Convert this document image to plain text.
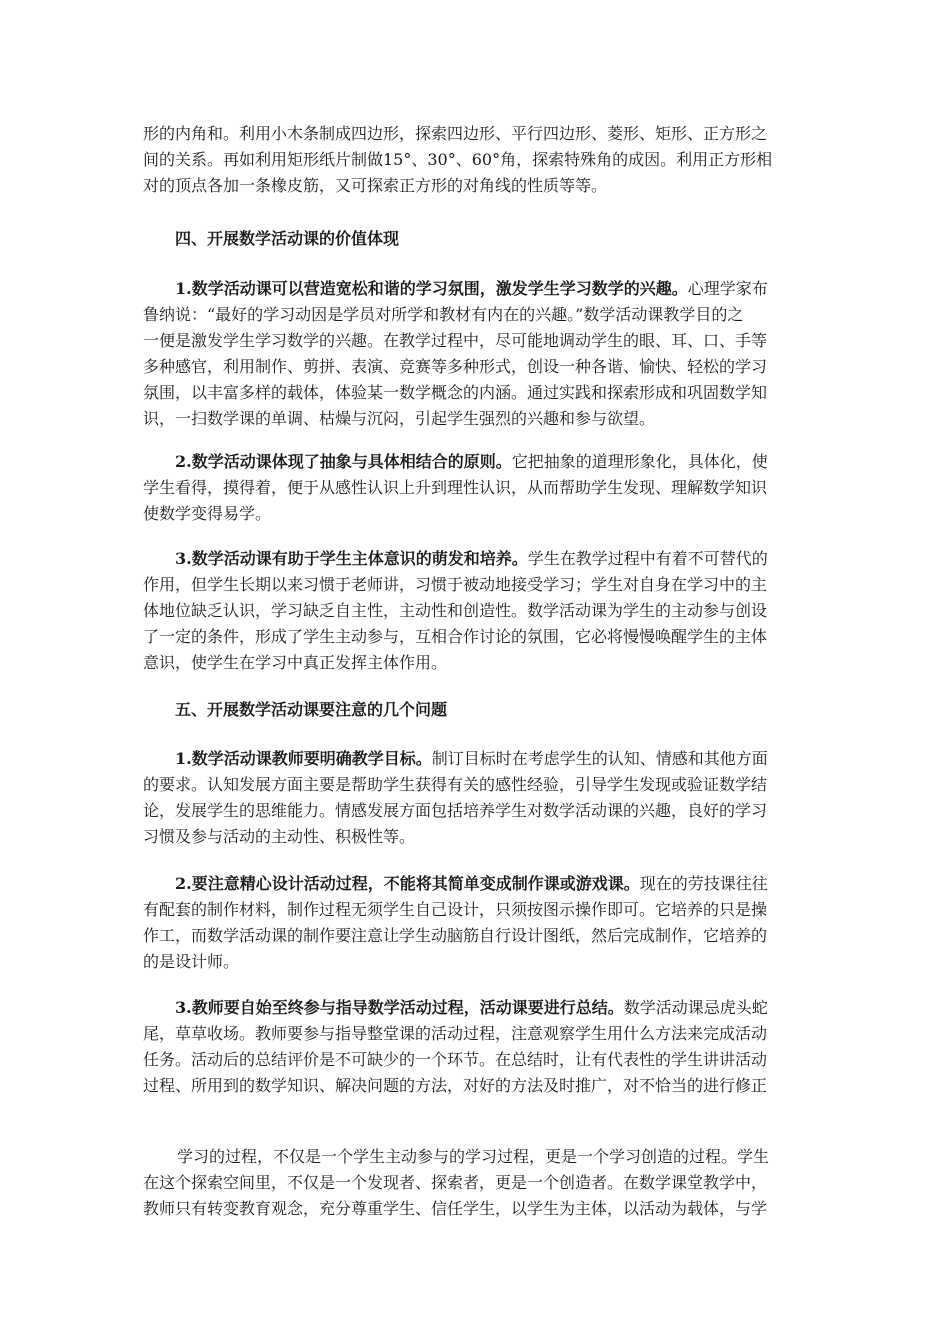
形的内角和。利用小木条制成四边形，探索四边形、平行四边形、菱形、矩形、正方形之
间的关系。再如利用矩形纸片制做15°、30°、60°角，探索特殊角的成因。利用正方形相
对的顶点各加一条橡皮筋，又可探索正方形的对角线的性质等等。
四、开展数学活动课的价值体现
1.数学活动课可以营造宽松和谐的学习氛围，激发学生学习数学的兴趣。心理学家布
鲁纳说：“最好的学习动因是学员对所学和教材有内在的兴趣。”数学活动课教学目的之
一便是激发学生学习数学的兴趣。在教学过程中，尽可能地调动学生的眼、耳、口、手等
多种感官，利用制作、剪拼、表演、竞赛等多种形式，创设一种各谐、愉快、轻松的学习
氛围，以丰富多样的载体，体验某一数学概念的内涵。通过实践和探索形成和巩固数学知
识，一扫数学课的单调、枯燥与沉闷，引起学生强烈的兴趣和参与欲望。
2.数学活动课体现了抽象与具体相结合的原则。它把抽象的道理形象化，具体化，使
学生看得，摸得着，便于从感性认识上升到理性认识，从而帮助学生发现、理解数学知识
使数学变得易学。
3.数学活动课有助于学生主体意识的萌发和培养。学生在教学过程中有着不可替代的
作用，但学生长期以来习惯于老师讲，习惯于被动地接受学习；学生对自身在学习中的主
体地位缺乏认识，学习缺乏自主性，主动性和创造性。数学活动课为学生的主动参与创设
了一定的条件，形成了学生主动参与，互相合作讨论的氛围，它必将慢慢唤醒学生的主体
意识，使学生在学习中真正发挥主体作用。
五、开展数学活动课要注意的几个问题
1.数学活动课教师要明确教学目标。制订目标时在考虑学生的认知、情感和其他方面
的要求。认知发展方面主要是帮助学生获得有关的感性经验，引导学生发现或验证数学结
论，发展学生的思维能力。情感发展方面包括培养学生对数学活动课的兴趣，良好的学习
习惯及参与活动的主动性、积极性等。
2.要注意精心设计活动过程，不能将其简单变成制作课或游戏课。现在的劳技课往往
有配套的制作材料，制作过程无须学生自己设计，只须按图示操作即可。它培养的只是操
作工，而数学活动课的制作要注意让学生动脑筋自行设计图纸，然后完成制作，它培养的
的是设计师。
3.教师要自始至终参与指导数学活动过程，活动课要进行总结。数学活动课忌虎头蛇
尾，草草收场。教师要参与指导整堂课的活动过程，注意观察学生用什么方法来完成活动
任务。活动后的总结评价是不可缺少的一个环节。在总结时，让有代表性的学生讲讲活动
过程、所用到的数学知识、解决问题的方法，对好的方法及时推广，对不恰当的进行修正
学习的过程，不仅是一个学生主动参与的学习过程，更是一个学习创造的过程。学生
在这个探索空间里，不仅是一个发现者、探索者，更是一个创造者。在数学课堂教学中，
教师只有转变教育观念，充分尊重学生、信任学生，以学生为主体，以活动为载体，与学
